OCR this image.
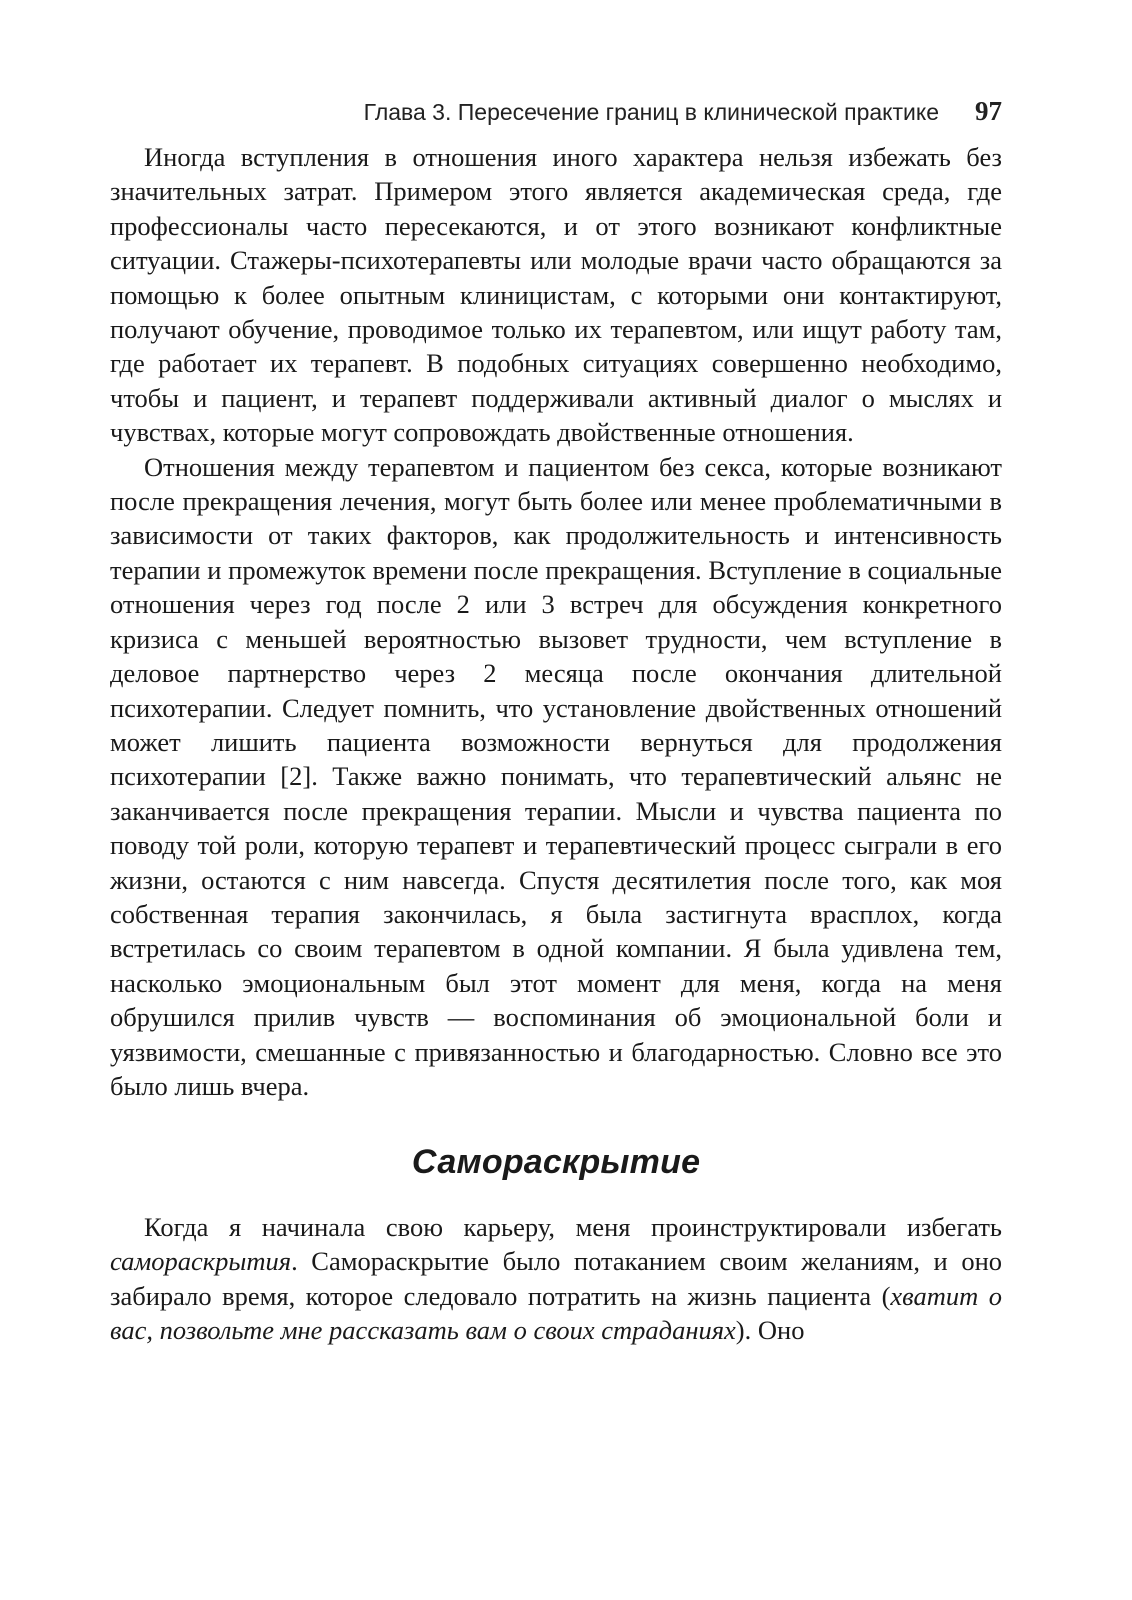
Глава 3. Пересечение границ в клинической практике 97

Иногда вступления в отношения иного характера нельзя избежать без значительных затрат. Примером этого является академическая среда, где профессионалы часто пересекаются, и от этого возникают конфликтные ситуации. Стажеры-психотерапевты или молодые врачи часто обращаются за помощью к более опытным клиницистам, с которыми они контактируют, получают обучение, проводимое только их терапевтом, или ищут работу там, где работает их терапевт. В подобных ситуациях совершенно необходимо, чтобы и пациент, и терапевт поддерживали активный диалог о мыслях и чувствах, которые могут сопровождать двойственные отношения.

Отношения между терапевтом и пациентом без секса, которые возникают после прекращения лечения, могут быть более или менее проблематичными в зависимости от таких факторов, как продолжительность и интенсивность терапии и промежуток времени после прекращения. Вступление в социальные отношения через год после 2 или 3 встреч для обсуждения конкретного кризиса с меньшей вероятностью вызовет трудности, чем вступление в деловое партнерство через 2 месяца после окончания длительной психотерапии. Следует помнить, что установление двойственных отношений может лишить пациента возможности вернуться для продолжения психотерапии [2]. Также важно понимать, что терапевтический альянс не заканчивается после прекращения терапии. Мысли и чувства пациента по поводу той роли, которую терапевт и терапевтический процесс сыграли в его жизни, остаются с ним навсегда. Спустя десятилетия после того, как моя собственная терапия закончилась, я была застигнута врасплох, когда встретилась со своим терапевтом в одной компании. Я была удивлена тем, насколько эмоциональным был этот момент для меня, когда на меня обрушился прилив чувств — воспоминания об эмоциональной боли и уязвимости, смешанные с привязанностью и благодарностью. Словно все это было лишь вчера.

Самораскрытие

Когда я начинала свою карьеру, меня проинструктировали избегать самораскрытия. Самораскрытие было потаканием своим желаниям, и оно забирало время, которое следовало потратить на жизнь пациента (хватит о вас, позвольте мне рассказать вам о своих страданиях). Оно
